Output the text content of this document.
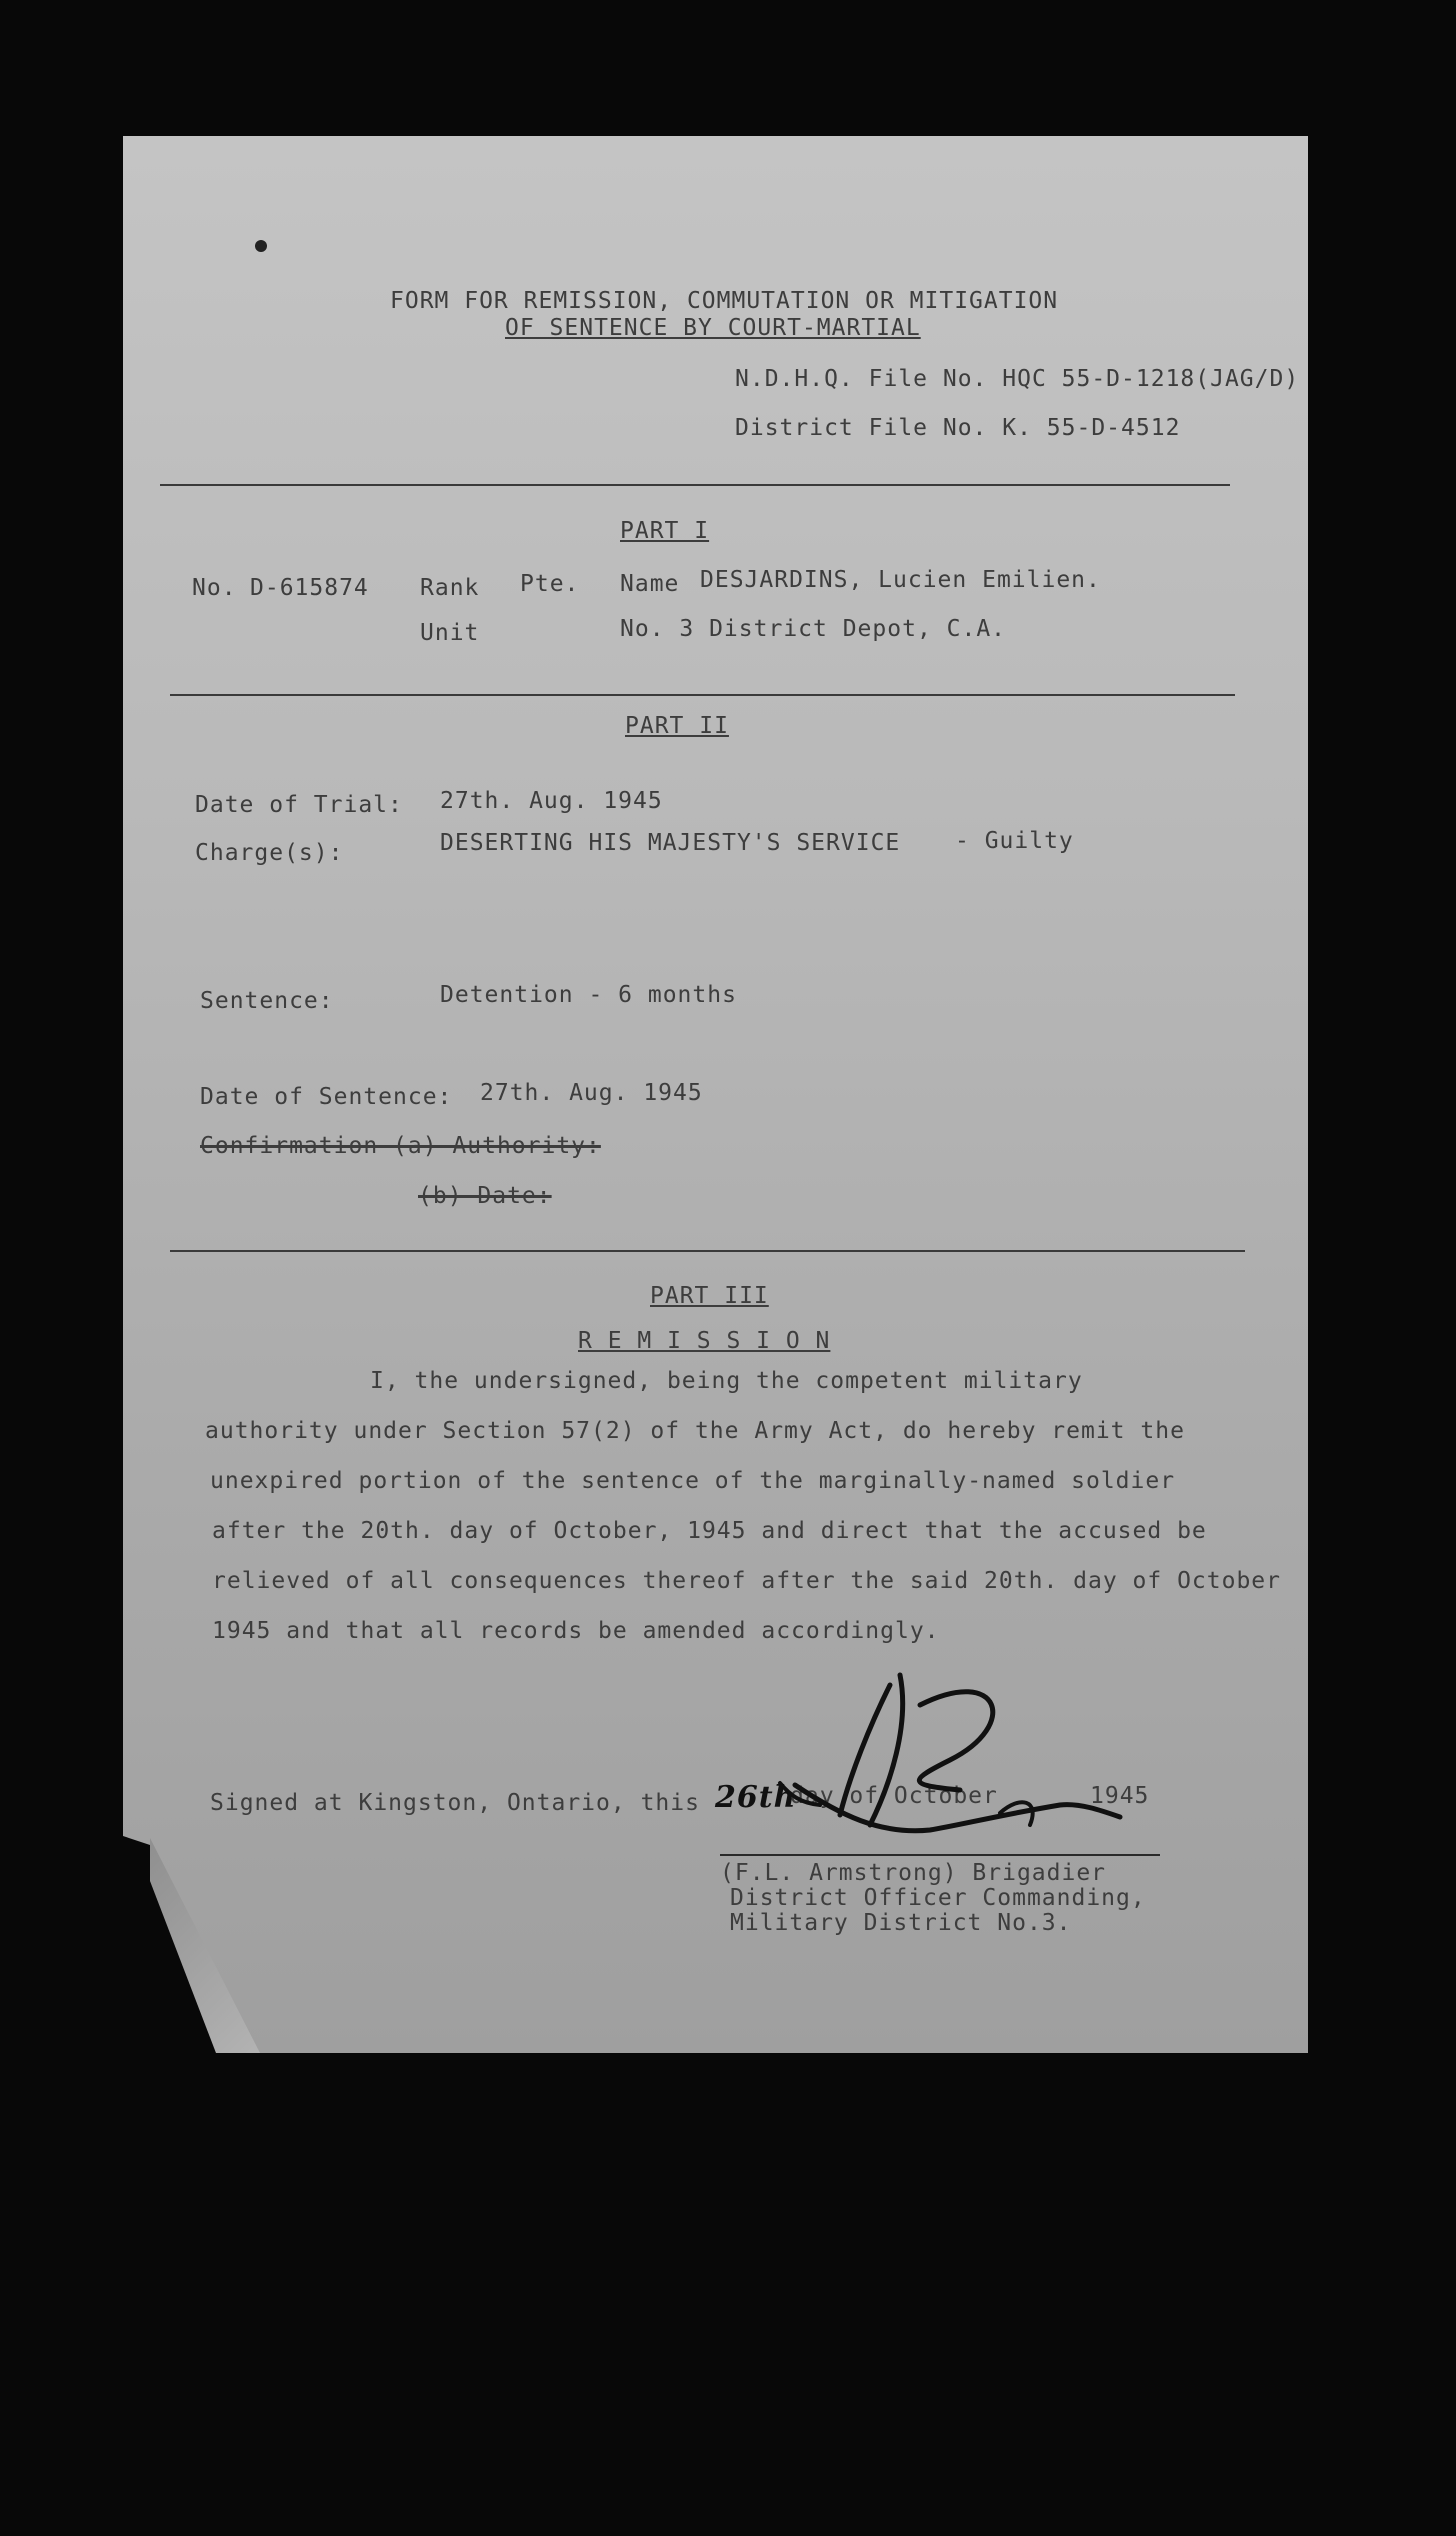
FORM FOR REMISSION, COMMUTATION OR MITIGATION
OF SENTENCE BY COURT-MARTIAL
N.D.H.Q. File No. HQC 55-D-1218(JAG/D)
District File No. K. 55-D-4512
PART I
No. D-615874 Rank Pte. Name DESJARDINS, Lucien Emilien.
Unit	No. 3 District Depot, C.A.
PART II
Date of Trial: 27th. Aug. 1945
Charge(s):	DESERTING HIS MAJESTY'S SERVICE - Guilty
Sentence:	Detention - 6 months
Date of Sentence: 27th. Aug. 1945
Confirmation (a) Authority:
(b) Date:
PART III
R E M I S S I O N
I, the undersigned, being the competent military
authority under Section 57(2) of the Army Act, do hereby remit the
unexpired portion of the sentence of the marginally-named soldier
after the 20th. day of October, 1945 and direct that the accused be
relieved of all consequences thereof after the said 20th. day of October
1945 and that all records be amended accordingly.
Signed at Kingston, Ontario, this 26th
day of October	1945
(F.L. Armstrong) Brigadier
District Officer Commanding,
Military District No.3.
